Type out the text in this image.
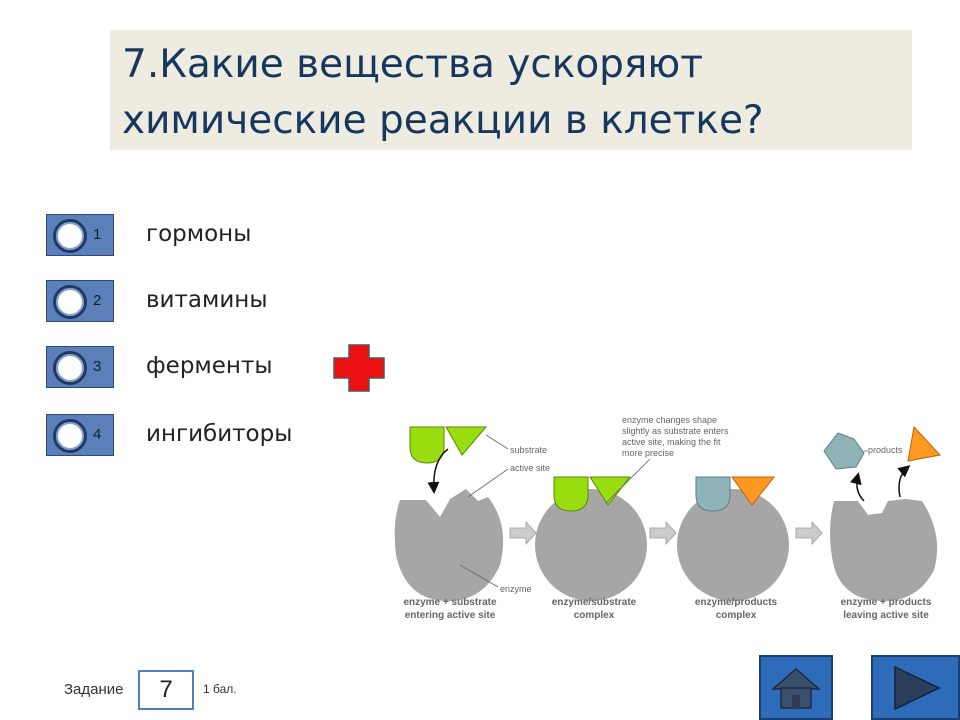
7.Какие вещества ускоряют
химические реакции в клетке?
1 гормоны
2 витамины
3 ферменты
4 ингибиторы
substrate
active site
enzyme
enzyme changes shape
slightly as substrate enters
active site, making the fit
more precise	products
enzyme + substrate
entering active site
enzyme/substrate
complex
enzyme/products
complex
enzyme + products
leaving active site
Задание	7	1 бал.
